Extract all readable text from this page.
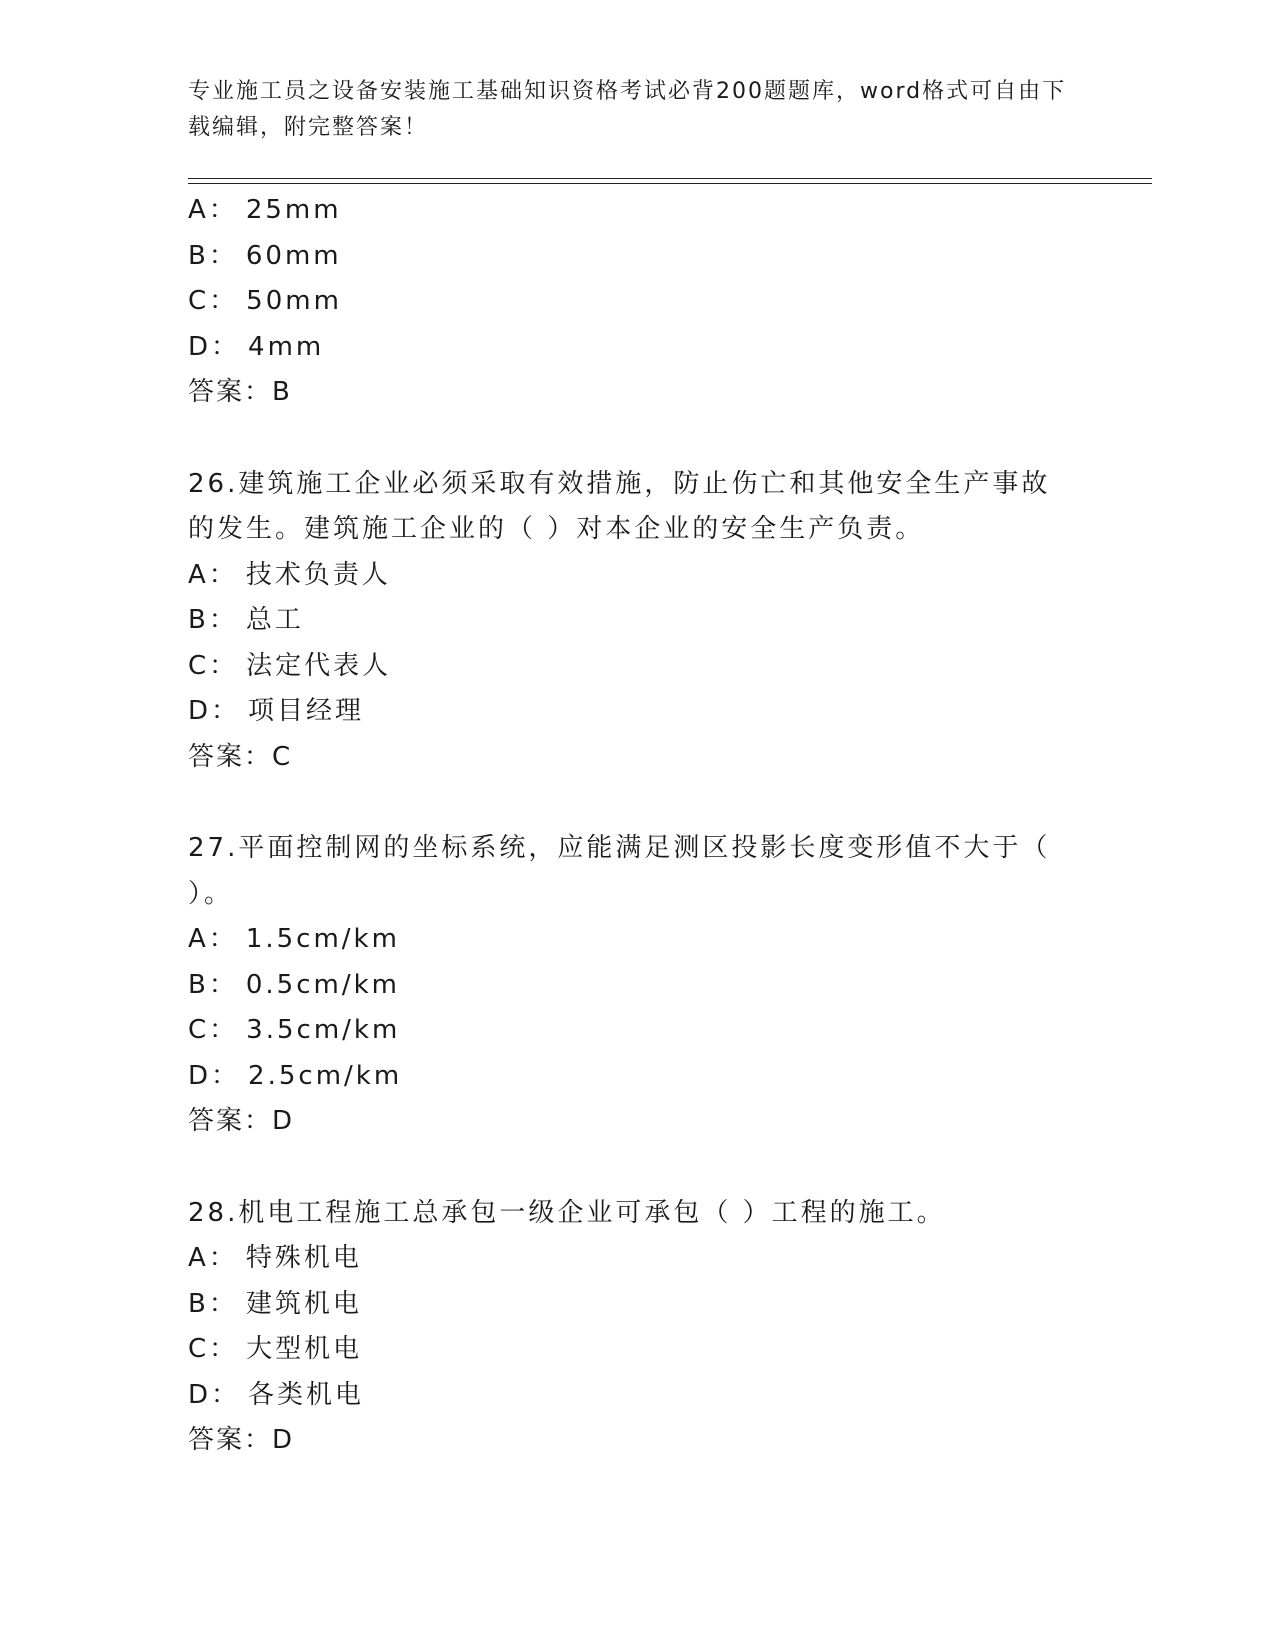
专业施工员之设备安装施工基础知识资格考试必背200题题库，word格式可自由下载编辑，附完整答案！
A： 25mm
B： 60mm
C： 50mm
D： 4mm
答案：B
26.建筑施工企业必须采取有效措施，防止伤亡和其他安全生产事故的发生。建筑施工企业的（ ）对本企业的安全生产负责。
A： 技术负责人
B： 总工
C： 法定代表人
D： 项目经理
答案：C
27.平面控制网的坐标系统，应能满足测区投影长度变形值不大于（ ）。
A： 1.5cm/km
B： 0.5cm/km
C： 3.5cm/km
D： 2.5cm/km
答案：D
28.机电工程施工总承包一级企业可承包（ ）工程的施工。
A： 特殊机电
B： 建筑机电
C： 大型机电
D： 各类机电
答案：D
